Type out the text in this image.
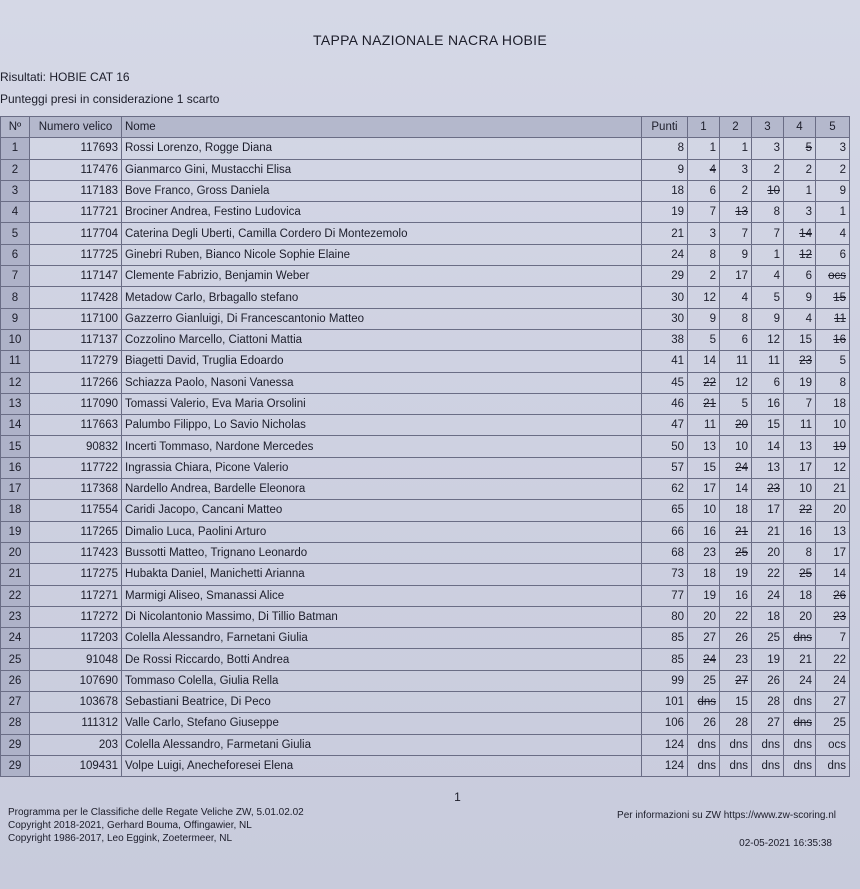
TAPPA NAZIONALE NACRA HOBIE
Risultati: HOBIE CAT 16
Punteggi presi in considerazione 1 scarto
Nº	Numero velico	Nome	Punti	1	2	3	4	5
1	117693	Rossi Lorenzo, Rogge Diana	8	1	1	3	5	3
2	117476	Gianmarco Gini, Mustacchi Elisa	9	4	3	2	2	2
3	117183	Bove Franco, Gross Daniela	18	6	2	10	1	9
4	117721	Brociner Andrea, Festino Ludovica	19	7	13	8	3	1
5	117704	Caterina Degli Uberti, Camilla Cordero Di Montezemolo	21	3	7	7	14	4
6	117725	Ginebri Ruben, Bianco Nicole Sophie Elaine	24	8	9	1	12	6
7	117147	Clemente Fabrizio, Benjamin Weber	29	2	17	4	6	ocs
8	117428	Metadow Carlo, Brbagallo stefano	30	12	4	5	9	15
9	117100	Gazzerro Gianluigi, Di Francescantonio Matteo	30	9	8	9	4	11
10	117137	Cozzolino Marcello, Ciattoni Mattia	38	5	6	12	15	16
11	117279	Biagetti David, Truglia Edoardo	41	14	11	11	23	5
12	117266	Schiazza Paolo, Nasoni Vanessa	45	22	12	6	19	8
13	117090	Tomassi Valerio, Eva Maria Orsolini	46	21	5	16	7	18
14	117663	Palumbo Filippo, Lo Savio Nicholas	47	11	20	15	11	10
15	90832	Incerti Tommaso, Nardone Mercedes	50	13	10	14	13	19
16	117722	Ingrassia Chiara, Picone Valerio	57	15	24	13	17	12
17	117368	Nardello Andrea, Bardelle Eleonora	62	17	14	23	10	21
18	117554	Caridi Jacopo, Cancani Matteo	65	10	18	17	22	20
19	117265	Dimalio Luca, Paolini Arturo	66	16	21	21	16	13
20	117423	Bussotti Matteo, Trignano Leonardo	68	23	25	20	8	17
21	117275	Hubakta Daniel, Manichetti Arianna	73	18	19	22	25	14
22	117271	Marmigi Aliseo, Smanassi Alice	77	19	16	24	18	26
23	117272	Di Nicolantonio Massimo, Di Tillio Batman	80	20	22	18	20	23
24	117203	Colella Alessandro, Farnetani Giulia	85	27	26	25	dns	7
25	91048	De Rossi Riccardo, Botti Andrea	85	24	23	19	21	22
26	107690	Tommaso Colella, Giulia Rella	99	25	27	26	24	24
27	103678	Sebastiani Beatrice, Di Peco	101	dns	15	28	dns	27
28	111312	Valle Carlo, Stefano Giuseppe	106	26	28	27	dns	25
29	203	Colella Alessandro, Farmetani Giulia	124	dns	dns	dns	dns	ocs
29	109431	Volpe Luigi, Anecheforesei Elena	124	dns	dns	dns	dns	dns
1
Programma per le Classifiche delle Regate Veliche ZW, 5.01.02.02
Copyright 2018-2021, Gerhard Bouma, Offingawier, NL
Copyright 1986-2017, Leo Eggink, Zoetermeer, NL
Per informazioni su ZW https://www.zw-scoring.nl
02-05-2021 16:35:38
